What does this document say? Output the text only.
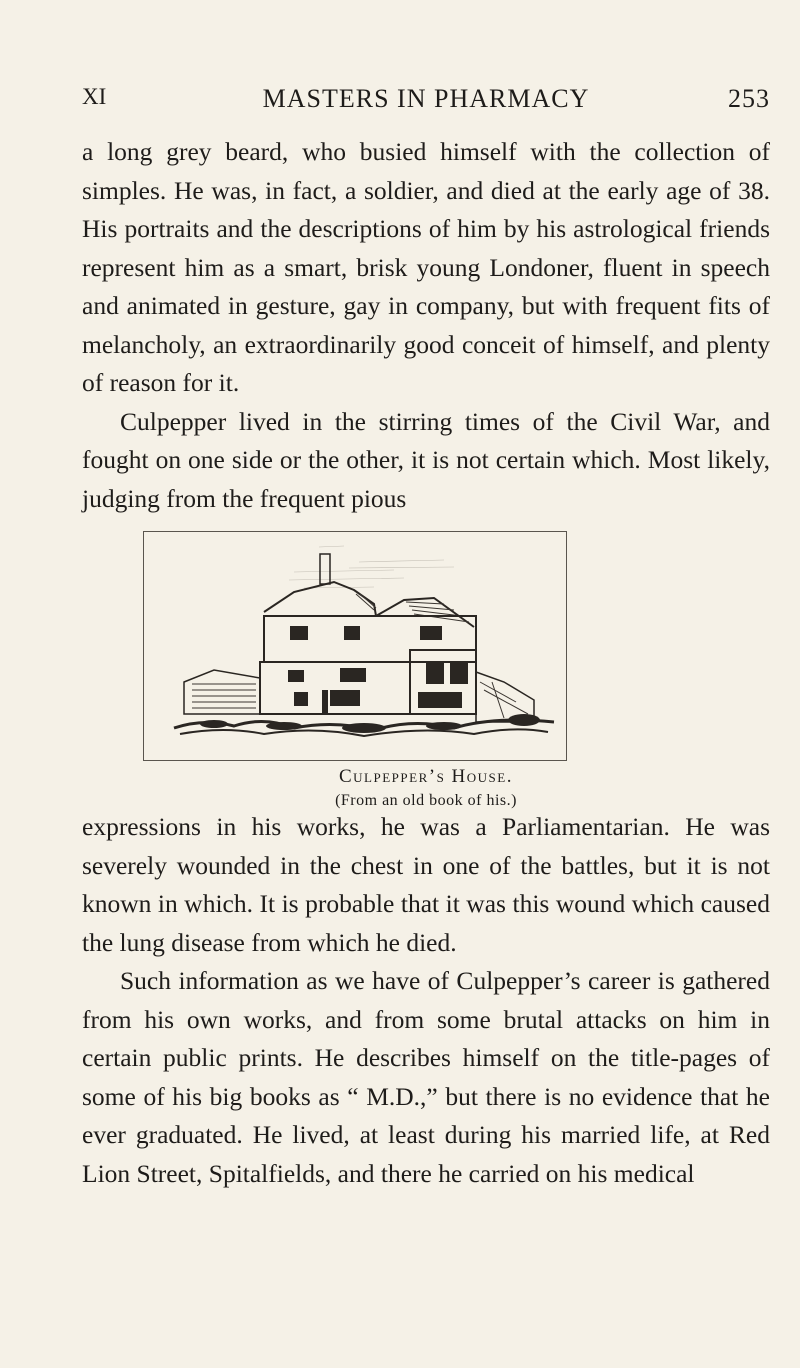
XI	MASTERS IN PHARMACY	253

a long grey beard, who busied himself with the collection of simples. He was, in fact, a soldier, and died at the early age of 38. His portraits and the descriptions of him by his astrological friends represent him as a smart, brisk young Londoner, fluent in speech and animated in gesture, gay in company, but with frequent fits of melancholy, an extraordinarily good conceit of himself, and plenty of reason for it.

Culpepper lived in the stirring times of the Civil War, and fought on one side or the other, it is not certain which. Most likely, judging from the frequent pious

Culpepper’s House.
(From an old book of his.)

expressions in his works, he was a Parliamentarian. He was severely wounded in the chest in one of the battles, but it is not known in which. It is probable that it was this wound which caused the lung disease from which he died.

Such information as we have of Culpepper’s career is gathered from his own works, and from some brutal attacks on him in certain public prints. He describes himself on the title-pages of some of his big books as “ M.D.,” but there is no evidence that he ever graduated. He lived, at least during his married life, at Red Lion Street, Spitalfields, and there he carried on his medical
